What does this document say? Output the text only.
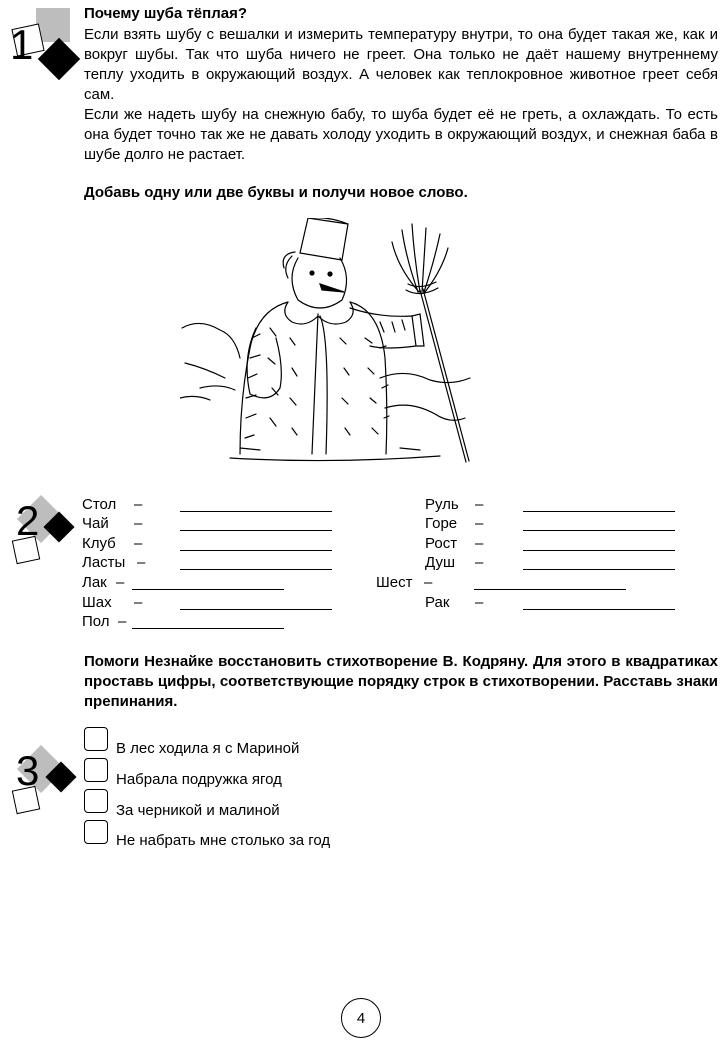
1
Почему шуба тёплая?

Если взять шубу с вешалки и измерить температуру внутри, то она будет такая же, как и вокруг шубы. Так что шуба ничего не греет. Она только не даёт нашему внутреннему теплу уходить в окружающий воздух. А человек как теплокровное животное греет себя сам.

Если же надеть шубу на снежную бабу, то шуба будет её не греть, а охлаждать. То есть она будет точно так же не давать холоду уходить в окружающий воздух, и снежная баба в шубе долго не растает.

Добавь одну или две буквы и получи новое слово.
2	Стол –
Чай –
Клуб –
Ласты –
Лак –
Шах –
Пол –
Руль –
Горе –
Рост –
Душ –
Шест –
Рак –
Помоги Незнайке восстановить стихотворение В. Кодряну. Для этого в квадратиках проставь цифры, соответствующие порядку строк в стихотворении. Расставь знаки препинания.
3	В лес ходила я с Мариной
Набрала подружка ягод
За черникой и малиной
Не набрать мне столько за год
4
